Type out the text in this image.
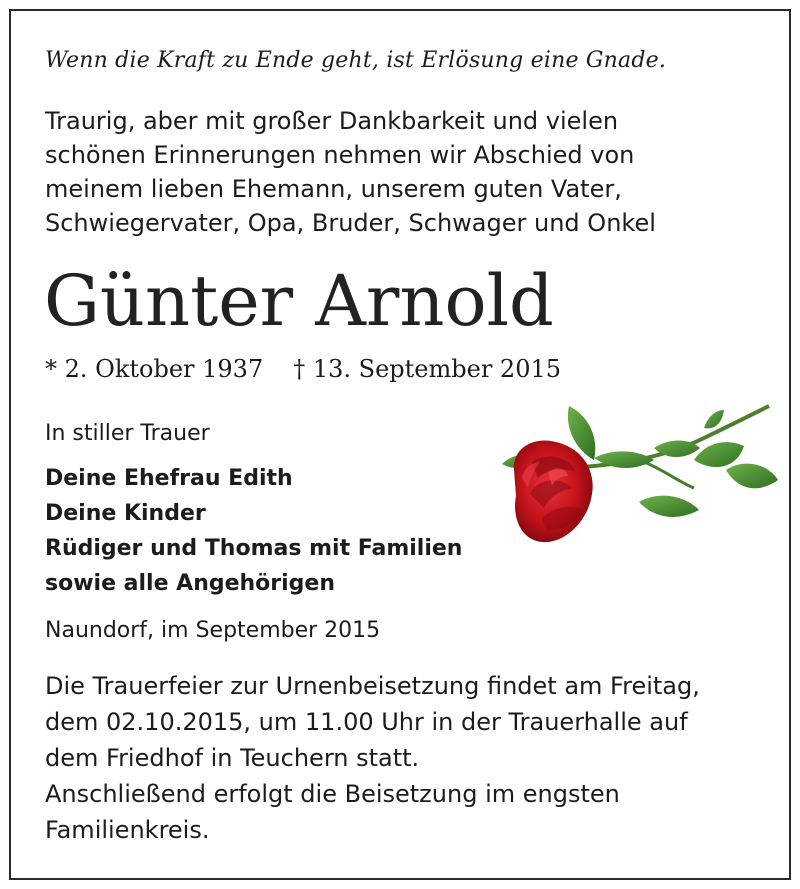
Wenn die Kraft zu Ende geht, ist Erlösung eine Gnade.
Traurig, aber mit großer Dankbarkeit und vielen
schönen Erinnerungen nehmen wir Abschied von
meinem lieben Ehemann, unserem guten Vater,
Schwiegervater, Opa, Bruder, Schwager und Onkel
Günter Arnold
* 2. Oktober 1937 † 13. September 2015
In stiller Trauer
Deine Ehefrau Edith
Deine Kinder
Rüdiger und Thomas mit Familien
sowie alle Angehörigen
Naundorf, im September 2015
Die Trauerfeier zur Urnenbeisetzung findet am Freitag,
dem 02.10.2015, um 11.00 Uhr in der Trauerhalle auf
dem Friedhof in Teuchern statt.
Anschließend erfolgt die Beisetzung im engsten
Familienkreis.
